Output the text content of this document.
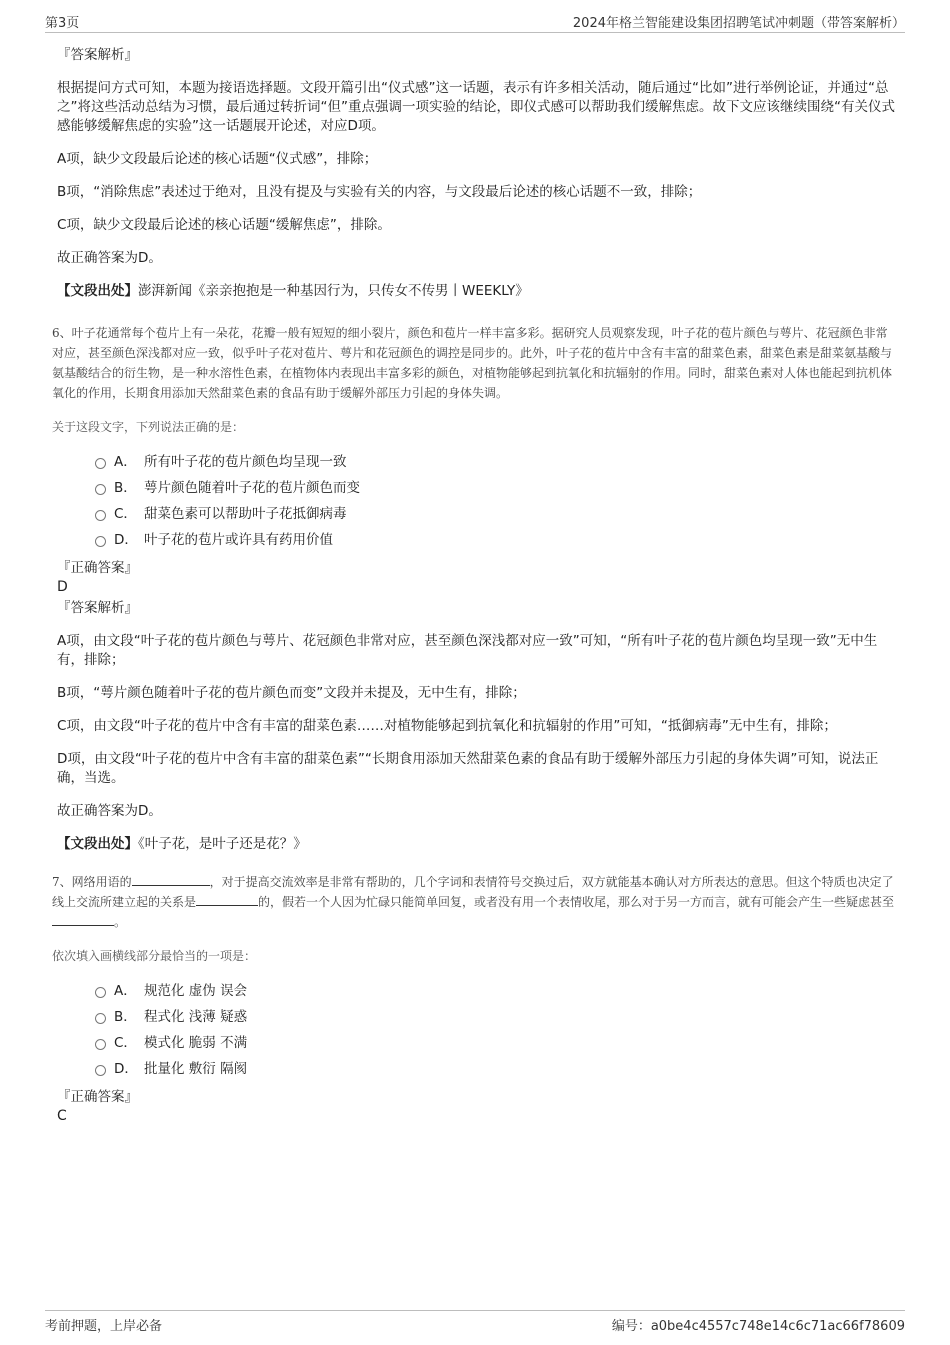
第3页	2024年格兰智能建设集团招聘笔试冲刺题（带答案解析）

『答案解析』

根据提问方式可知，本题为接语选择题。文段开篇引出“仪式感”这一话题，表示有许多相关活动，随后通过“比如”进行举例论证，并通过“总之”将这些活动总结为习惯，最后通过转折词“但”重点强调一项实验的结论，即仪式感可以帮助我们缓解焦虑。故下文应该继续围绕“有关仪式感能够缓解焦虑的实验”这一话题展开论述，对应D项。

A项，缺少文段最后论述的核心话题“仪式感”，排除；

B项，“消除焦虑”表述过于绝对，且没有提及与实验有关的内容，与文段最后论述的核心话题不一致，排除；

C项，缺少文段最后论述的核心话题“缓解焦虑”，排除。

故正确答案为D。

【文段出处】澎湃新闻《亲亲抱抱是一种基因行为，只传女不传男丨WEEKLY》

6、叶子花通常每个苞片上有一朵花，花瓣一般有短短的细小裂片，颜色和苞片一样丰富多彩。据研究人员观察发现，叶子花的苞片颜色与萼片、花冠颜色非常对应，甚至颜色深浅都对应一致，似乎叶子花对苞片、萼片和花冠颜色的调控是同步的。此外，叶子花的苞片中含有丰富的甜菜色素，甜菜色素是甜菜氨基酸与氨基酸结合的衍生物，是一种水溶性色素，在植物体内表现出丰富多彩的颜色，对植物能够起到抗氧化和抗辐射的作用。同时，甜菜色素对人体也能起到抗机体氧化的作用，长期食用添加天然甜菜色素的食品有助于缓解外部压力引起的身体失调。

关于这段文字，下列说法正确的是：

A． 所有叶子花的苞片颜色均呈现一致
B． 萼片颜色随着叶子花的苞片颜色而变
C． 甜菜色素可以帮助叶子花抵御病毒
D． 叶子花的苞片或许具有药用价值

『正确答案』

D

『答案解析』

A项，由文段“叶子花的苞片颜色与萼片、花冠颜色非常对应，甚至颜色深浅都对应一致”可知，“所有叶子花的苞片颜色均呈现一致”无中生有，排除；

B项，“萼片颜色随着叶子花的苞片颜色而变”文段并未提及，无中生有，排除；

C项，由文段“叶子花的苞片中含有丰富的甜菜色素……对植物能够起到抗氧化和抗辐射的作用”可知，“抵御病毒”无中生有，排除；

D项，由文段“叶子花的苞片中含有丰富的甜菜色素”“长期食用添加天然甜菜色素的食品有助于缓解外部压力引起的身体失调”可知，说法正确，当选。

故正确答案为D。

【文段出处】《叶子花，是叶子还是花？》

7、网络用语的	，对于提高交流效率是非常有帮助的，几个字词和表情符号交换过后，双方就能基本确认对方所表达的意思。但这个特质也决定了线上交流所建立起的关系是	的，假若一个人因为忙碌只能简单回复，或者没有用一个表情收尾，那么对于另一方而言，就有可能会产生一些疑虑甚至。

依次填入画横线部分最恰当的一项是：

A． 规范化 虚伪 误会
B． 程式化 浅薄 疑惑
C． 模式化 脆弱 不满
D． 批量化 敷衍 隔阂

『正确答案』

C

考前押题，上岸必备	编号：a0be4c4557c748e14c6c71ac66f78609
